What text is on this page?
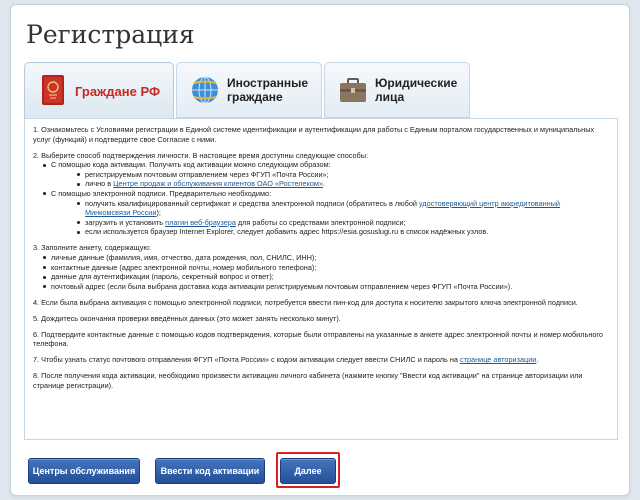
Регистрация
Граждане РФ
Иностранные
граждане
Юридические
лица

1. Ознакомьтесь с Условиями регистрации в Единой системе идентификации и аутентификации для работы с Единым порталом государственных и муниципальных услуг (функций) и подтвердите свое Согласие с ними.

2. Выберите способ подтверждения личности. В настоящее время доступны следующие способы:
С помощью кода активации. Получить код активации можно следующим образом:
регистрируемым почтовым отправлением через ФГУП «Почта России»;
лично в Центре продаж и обслуживания клиентов ОАО «Ростелеком».
С помощью электронной подписи. Предварительно необходимо:
получить квалифицированный сертификат и средства электронной подписи (обратитесь в любой удостоверяющий центр аккредитованный Минкомсвязи России);
загрузить и установить плагин веб-браузера для работы со средствами электронной подписи;
если используется браузер Internet Explorer, следует добавить адрес https://esia.gosuslugi.ru в список надёжных узлов.
3. Заполните анкету, содержащую:
личные данные (фамилия, имя, отчество, дата рождения, пол, СНИЛС, ИНН);
контактные данные (адрес электронной почты, номер мобильного телефона);
данные для аутентификации (пароль, секретный вопрос и ответ);
почтовый адрес (если была выбрана доставка кода активации регистрируемым почтовым отправлением через ФГУП «Почта России»).

4. Если была выбрана активация с помощью электронной подписи, потребуется ввести пин-код для доступа к носителю закрытого ключа электронной подписи.

5. Дождитесь окончания проверки введённых данных (это может занять несколько минут).

6. Подтвердите контактные данные с помощью кодов подтверждения, которые были отправлены на указанные в анкете адрес электронной почты и номер мобильного телефона.

7. Чтобы узнать статус почтового отправления ФГУП «Почта России» с кодом активации следует ввести СНИЛС и пароль на странице авторизации.

8. После получения кода активации, необходимо произвести активацию личного кабинета (нажмите кнопку "Ввести код активации" на странице авторизации или странице регистрации).

Центры обслуживания	Ввести код активации	Далее
